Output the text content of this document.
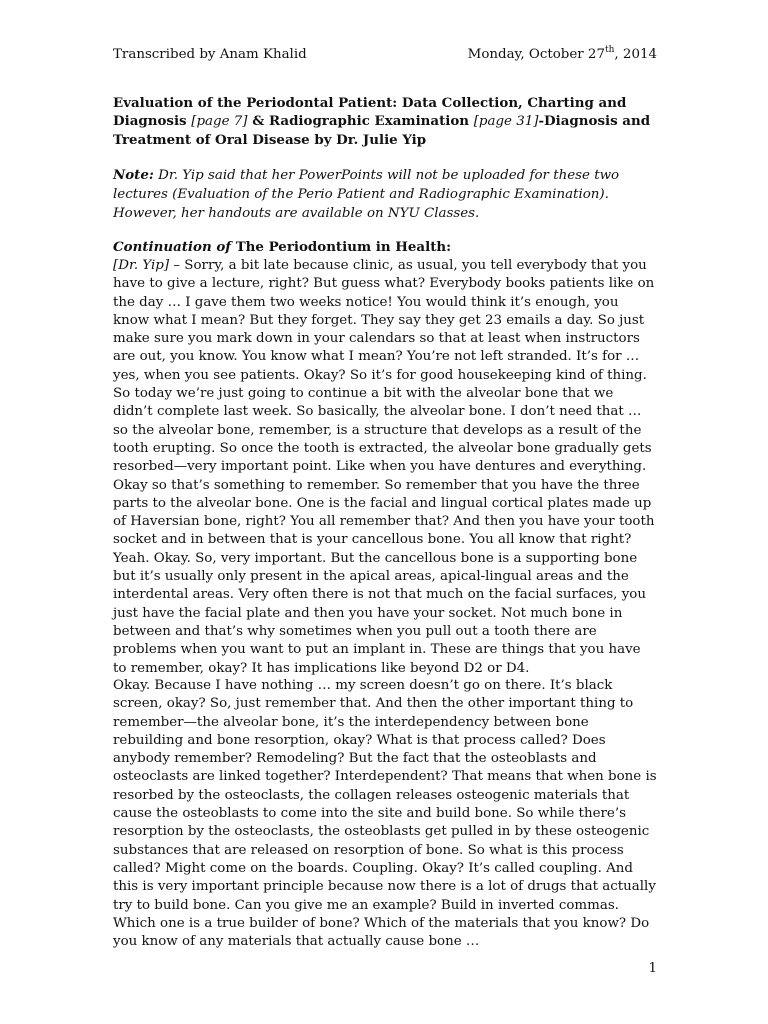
Transcribed by Anam Khalid	Monday, October 27th, 2014
Evaluation of the Periodontal Patient: Data Collection, Charting and Diagnosis [page 7] & Radiographic Examination [page 31]-Diagnosis and Treatment of Oral Disease by Dr. Julie Yip
Note: Dr. Yip said that her PowerPoints will not be uploaded for these two lectures (Evaluation of the Perio Patient and Radiographic Examination). However, her handouts are available on NYU Classes.
Continuation of The Periodontium in Health:
[Dr. Yip] – Sorry, a bit late because clinic, as usual, you tell everybody that you have to give a lecture, right? But guess what? Everybody books patients like on the day … I gave them two weeks notice! You would think it’s enough, you know what I mean? But they forget. They say they get 23 emails a day. So just make sure you mark down in your calendars so that at least when instructors are out, you know. You know what I mean? You’re not left stranded. It’s for … yes, when you see patients. Okay? So it’s for good housekeeping kind of thing. So today we’re just going to continue a bit with the alveolar bone that we didn’t complete last week. So basically, the alveolar bone. I don’t need that … so the alveolar bone, remember, is a structure that develops as a result of the tooth erupting. So once the tooth is extracted, the alveolar bone gradually gets resorbed—very important point. Like when you have dentures and everything. Okay so that’s something to remember. So remember that you have the three parts to the alveolar bone. One is the facial and lingual cortical plates made up of Haversian bone, right? You all remember that? And then you have your tooth socket and in between that is your cancellous bone. You all know that right? Yeah. Okay. So, very important. But the cancellous bone is a supporting bone but it’s usually only present in the apical areas, apical-lingual areas and the interdental areas. Very often there is not that much on the facial surfaces, you just have the facial plate and then you have your socket. Not much bone in between and that’s why sometimes when you pull out a tooth there are problems when you want to put an implant in. These are things that you have to remember, okay? It has implications like beyond D2 or D4.
Okay. Because I have nothing … my screen doesn’t go on there. It’s black screen, okay? So, just remember that. And then the other important thing to remember—the alveolar bone, it’s the interdependency between bone rebuilding and bone resorption, okay? What is that process called? Does anybody remember? Remodeling? But the fact that the osteoblasts and osteoclasts are linked together? Interdependent? That means that when bone is resorbed by the osteoclasts, the collagen releases osteogenic materials that cause the osteoblasts to come into the site and build bone. So while there’s resorption by the osteoclasts, the osteoblasts get pulled in by these osteogenic substances that are released on resorption of bone. So what is this process called? Might come on the boards. Coupling. Okay? It’s called coupling. And this is very important principle because now there is a lot of drugs that actually try to build bone. Can you give me an example? Build in inverted commas. Which one is a true builder of bone? Which of the materials that you know? Do you know of any materials that actually cause bone …
1
